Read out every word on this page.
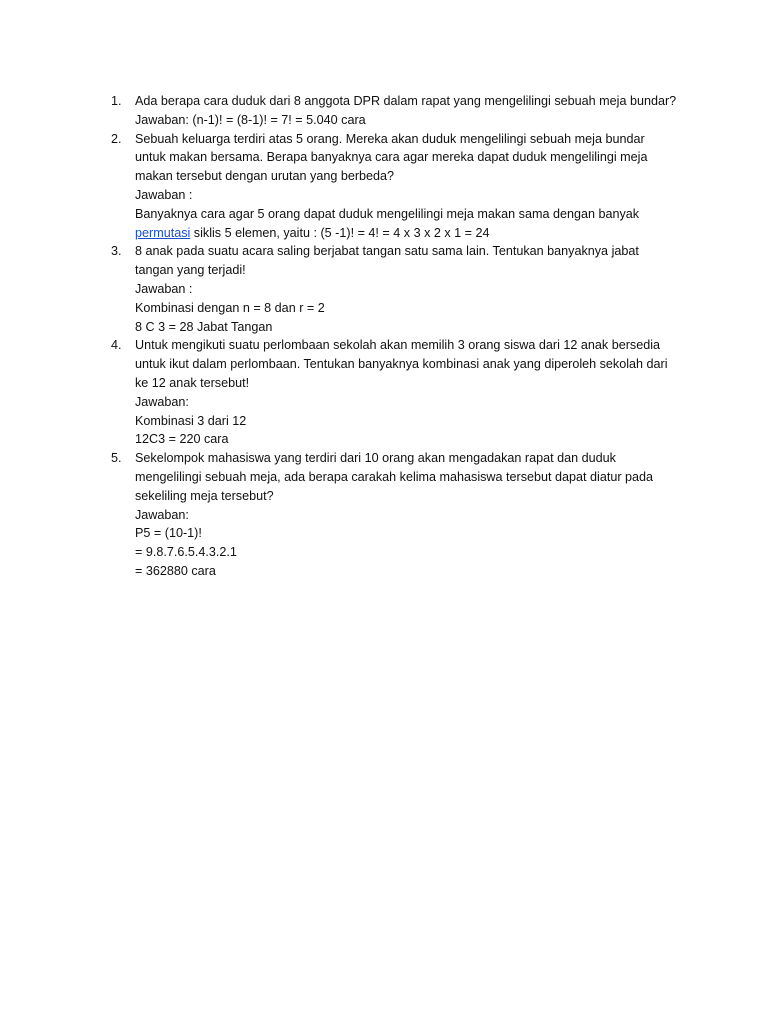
1.	Ada berapa cara duduk dari 8 anggota DPR dalam rapat yang mengelilingi sebuah meja bundar?
Jawaban: (n-1)! = (8-1)! = 7! = 5.040 cara
2.	Sebuah keluarga terdiri atas 5 orang. Mereka akan duduk mengelilingi sebuah meja bundar
untuk makan bersama. Berapa banyaknya cara agar mereka dapat duduk mengelilingi meja
makan tersebut dengan urutan yang berbeda?
Jawaban :
Banyaknya cara agar 5 orang dapat duduk mengelilingi meja makan sama dengan banyak
permutasi siklis 5 elemen, yaitu : (5 -1)! = 4! = 4 x 3 x 2 x 1 = 24
3.	8 anak pada suatu acara saling berjabat tangan satu sama lain. Tentukan banyaknya jabat
tangan yang terjadi!
Jawaban :
Kombinasi dengan n = 8 dan r = 2
8 C 3 = 28 Jabat Tangan
4.	Untuk mengikuti suatu perlombaan sekolah akan memilih 3 orang siswa dari 12 anak bersedia
untuk ikut dalam perlombaan. Tentukan banyaknya kombinasi anak yang diperoleh sekolah dari
ke 12 anak tersebut!
Jawaban:
Kombinasi 3 dari 12
12C3 = 220 cara
5.	Sekelompok mahasiswa yang terdiri dari 10 orang akan mengadakan rapat dan duduk
mengelilingi sebuah meja, ada berapa carakah kelima mahasiswa tersebut dapat diatur pada
sekeliling meja tersebut?
Jawaban:
P5 = (10-1)!
= 9.8.7.6.5.4.3.2.1
= 362880 cara
